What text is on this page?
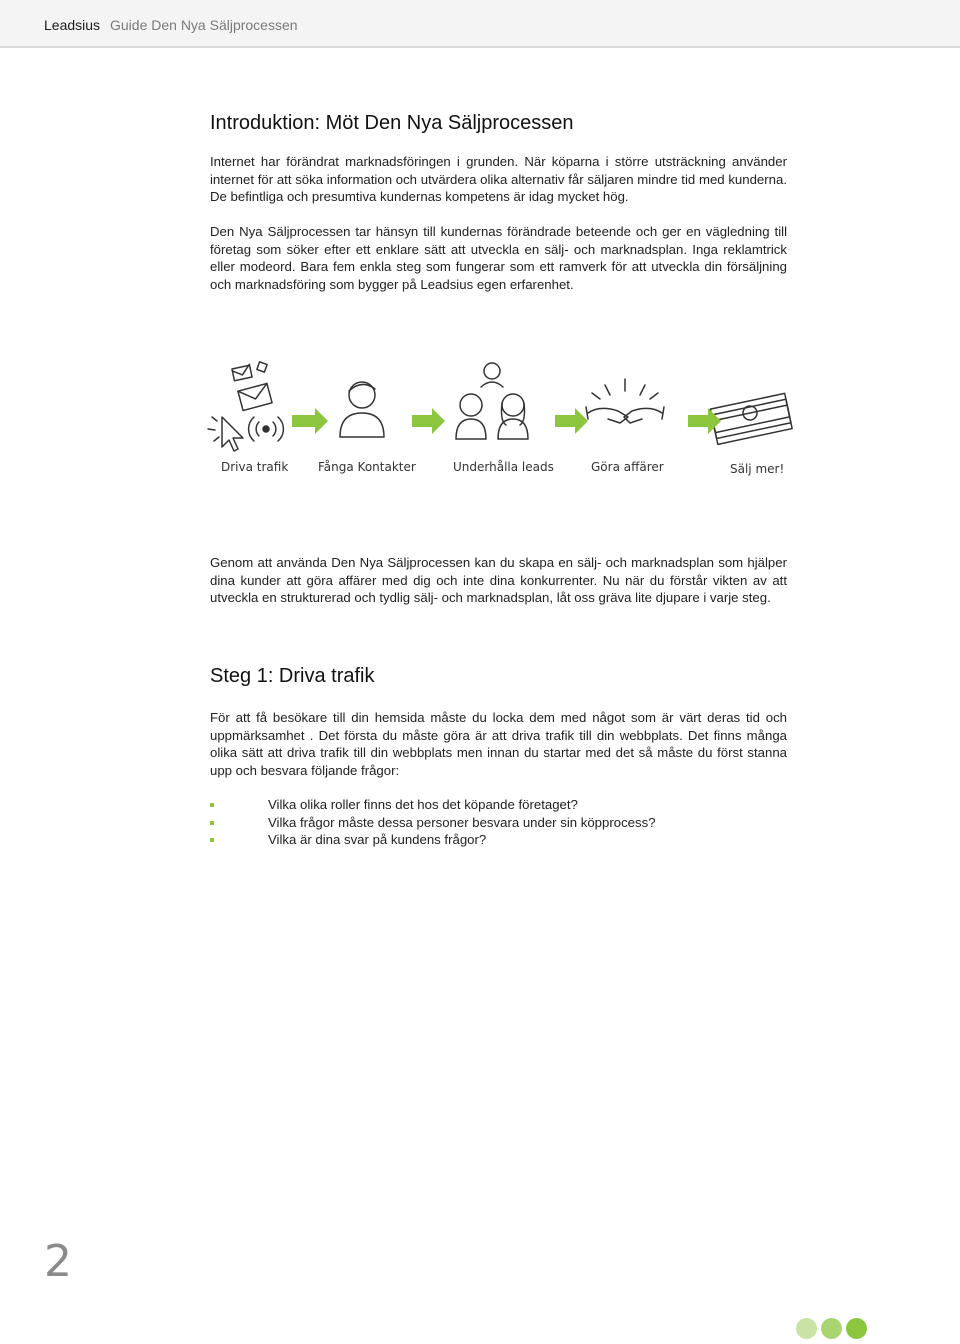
Leadsius Guide Den Nya Säljprocessen
Introduktion: Möt Den Nya Säljprocessen

Internet har förändrat marknadsföringen i grunden. När köparna i större utsträckning använder internet för att söka information och utvärdera olika alternativ får säljaren mindre tid med kunderna. De befintliga och presumtiva kundernas kompetens är idag mycket hög.

Den Nya Säljprocessen tar hänsyn till kundernas förändrade beteende och ger en vägledning till företag som söker efter ett enklare sätt att utveckla en sälj- och marknadsplan. Inga reklamtrick eller modeord. Bara fem enkla steg som fungerar som ett ramverk för att utveckla din försäljning och marknadsföring som bygger på Leadsius egen erfarenhet.

Driva trafik Fånga Kontakter	Underhålla leads	Göra affärer	Sälj mer!

Genom att använda Den Nya Säljprocessen kan du skapa en sälj- och marknadsplan som hjälper dina kunder att göra affärer med dig och inte dina konkurrenter. Nu när du förstår vikten av att utveckla en strukturerad och tydlig sälj- och marknadsplan, låt oss gräva lite djupare i varje steg.

Steg 1: Driva trafik

För att få besökare till din hemsida måste du locka dem med något som är värt deras tid och uppmärksamhet . Det första du måste göra är att driva trafik till din webbplats. Det finns många olika sätt att driva trafik till din webbplats men innan du startar med det så måste du först stanna upp och besvara följande frågor:

Vilka olika roller finns det hos det köpande företaget?
Vilka frågor måste dessa personer besvara under sin köpprocess?
Vilka är dina svar på kundens frågor?
2
